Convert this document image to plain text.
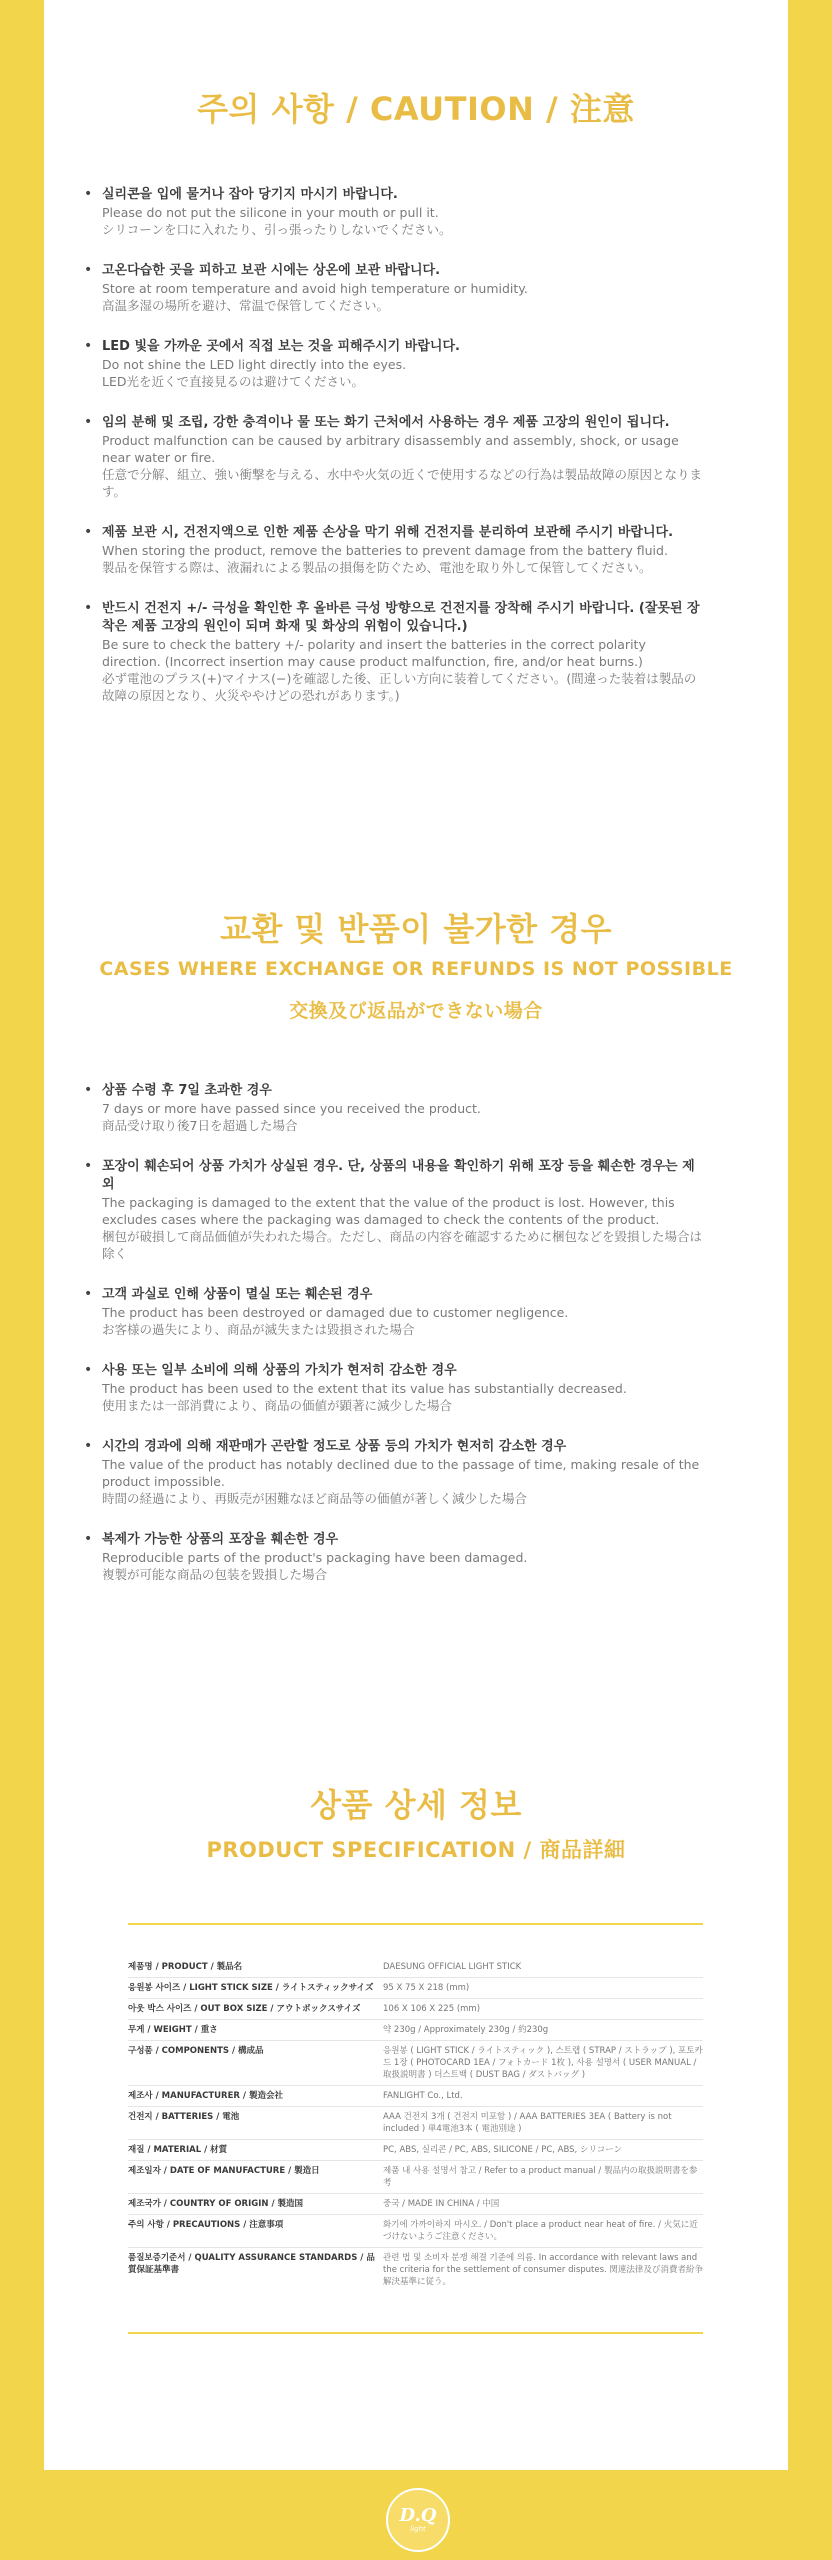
주의 사항 / CAUTION / 注意
• 실리콘을 입에 물거나 잡아 당기지 마시기 바랍니다.
Please do not put the silicone in your mouth or pull it.
シリコーンを口に入れたり、引っ張ったりしないでください。
• 고온다습한 곳을 피하고 보관 시에는 상온에 보관 바랍니다.
Store at room temperature and avoid high temperature or humidity.
高温多湿の場所を避け、常温で保管してください。
• LED 빛을 가까운 곳에서 직접 보는 것을 피해주시기 바랍니다.
Do not shine the LED light directly into the eyes.
LED光を近くで直接見るのは避けてください。
• 임의 분해 및 조립, 강한 충격이나 물 또는 화기 근처에서 사용하는 경우 제품 고장의 원인이 됩니다.
Product malfunction can be caused by arbitrary disassembly and assembly, shock, or usage near water or fire.
任意で分解、組立、強い衝撃を与える、水中や火気の近くで使用するなどの行為は製品故障の原因となります。
• 제품 보관 시, 건전지액으로 인한 제품 손상을 막기 위해 건전지를 분리하여 보관해 주시기 바랍니다.
When storing the product, remove the batteries to prevent damage from the battery fluid.
製品を保管する際は、液漏れによる製品の損傷を防ぐため、電池を取り外して保管してください。
• 반드시 건전지 +/- 극성을 확인한 후 올바른 극성 방향으로 건전지를 장착해 주시기 바랍니다. (잘못된 장착은 제품 고장의 원인이 되며 화재 및 화상의 위험이 있습니다.)
Be sure to check the battery +/- polarity and insert the batteries in the correct polarity direction. (Incorrect insertion may cause product malfunction, fire, and/or heat burns.)
必ず電池のプラス(+)マイナス(−)を確認した後、正しい方向に装着してください。(間違った装着は製品の故障の原因となり、火災ややけどの恐れがあります。)
교환 및 반품이 불가한 경우
CASES WHERE EXCHANGE OR REFUNDS IS NOT POSSIBLE
交換及び返品ができない場合
• 상품 수령 후 7일 초과한 경우
7 days or more have passed since you received the product.
商品受け取り後7日を超過した場合
• 포장이 훼손되어 상품 가치가 상실된 경우. 단, 상품의 내용을 확인하기 위해 포장 등을 훼손한 경우는 제외
The packaging is damaged to the extent that the value of the product is lost. However, this excludes cases where the packaging was damaged to check the contents of the product.
梱包が破損して商品価値が失われた場合。ただし、商品の内容を確認するために梱包などを毀損した場合は除く
• 고객 과실로 인해 상품이 멸실 또는 훼손된 경우
The product has been destroyed or damaged due to customer negligence.
お客様の過失により、商品が滅失または毀損された場合
• 사용 또는 일부 소비에 의해 상품의 가치가 현저히 감소한 경우
The product has been used to the extent that its value has substantially decreased.
使用または一部消費により、商品の価値が顕著に減少した場合
• 시간의 경과에 의해 재판매가 곤란할 정도로 상품 등의 가치가 현저히 감소한 경우
The value of the product has notably declined due to the passage of time, making resale of the product impossible.
時間の経過により、再販売が困難なほど商品等の価値が著しく減少した場合
• 복제가 가능한 상품의 포장을 훼손한 경우
Reproducible parts of the product's packaging have been damaged.
複製が可能な商品の包装を毀損した場合
상품 상세 정보
PRODUCT SPECIFICATION / 商品詳細
제품명 / PRODUCT / 製品名	DAESUNG OFFICIAL LIGHT STICK
응원봉 사이즈 / LIGHT STICK SIZE / ライトスティックサイズ	95 X 75 X 218 (mm)
아웃 박스 사이즈 / OUT BOX SIZE / アウトボックスサイズ	106 X 106 X 225 (mm)
무게 / WEIGHT / 重さ	약 230g / Approximately 230g / 約230g
구성품 / COMPONENTS / 構成品	응원봉 ( LIGHT STICK / ライトスティック ), 스트랩 ( STRAP / ストラップ ), 포토카드 1장 ( PHOTOCARD 1EA / フォトカード 1枚 ), 사용 설명서 ( USER MANUAL / 取扱説明書 ) 더스트백 ( DUST BAG / ダストバッグ )
제조사 / MANUFACTURER / 製造会社	FANLIGHT Co., Ltd.
건전지 / BATTERIES / 電池	AAA 건전지 3개 ( 건전지 미포함 ) / AAA BATTERIES 3EA ( Battery is not included ) 単4電池3本 ( 電池別途 )
재질 / MATERIAL / 材質	PC, ABS, 실리콘 / PC, ABS, SILICONE / PC, ABS, シリコーン
제조일자 / DATE OF MANUFACTURE / 製造日	제품 내 사용 설명서 참고 / Refer to a product manual / 製品内の取扱説明書を参考
제조국가 / COUNTRY OF ORIGIN / 製造国	중국 / MADE IN CHINA / 中国
주의 사항 / PRECAUTIONS / 注意事項	화기에 가까이하지 마시오. / Don't place a product near heat of fire. / 火気に近づけないようご注意ください。
품질보증기준서 / QUALITY ASSURANCE STANDARDS / 品質保証基準書	관련 법 및 소비자 분쟁 해결 기준에 의름. In accordance with relevant laws and the criteria for the settlement of consumer disputes. 関連法律及び消費者紛争解決基準に従う。
D.Q
light
